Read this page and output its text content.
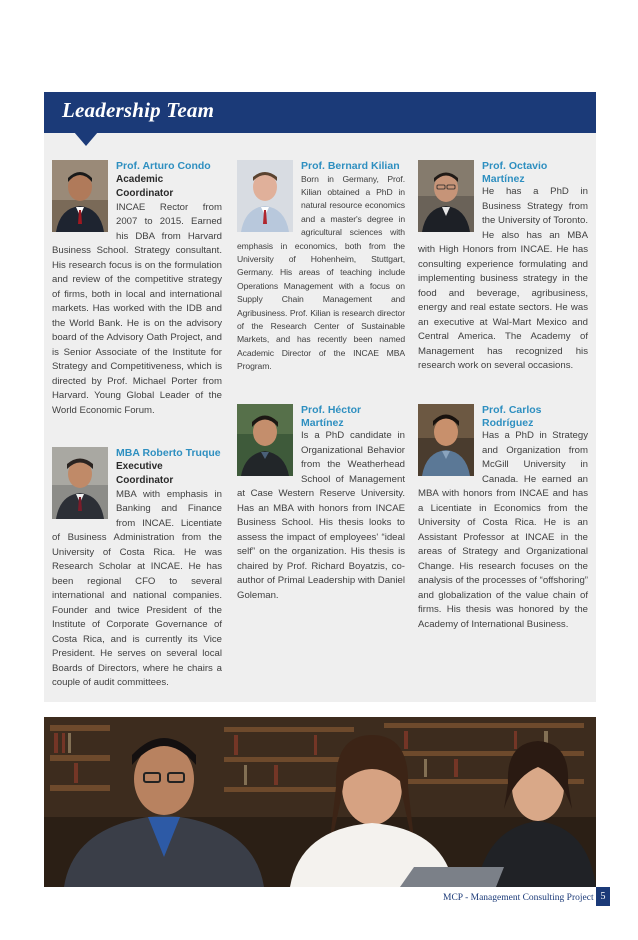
Leadership Team
Prof. Arturo Condo
Academic Coordinator
INCAE Rector from 2007 to 2015. Earned his DBA from Harvard Business School. Strategy consultant. His research focus is on the formulation and review of the competitive strategy of firms, both in local and international markets. Has worked with the IDB and the World Bank. He is on the advisory board of the Advisory Oath Project, and is Senior Associate of the Institute for Strategy and Competitiveness, which is directed by Prof. Michael Porter from Harvard. Young Global Leader of the World Economic Forum.
MBA Roberto Truque
Executive Coordinator
MBA with emphasis in Banking and Finance from INCAE. Licentiate of Business Administration from the University of Costa Rica. He was Research Scholar at INCAE. He has been regional CFO to several international and national companies. Founder and twice President of the Institute of Corporate Governance of Costa Rica, and is currently its Vice President. He serves on several local Boards of Directors, where he chairs a couple of audit committees.
Prof. Bernard Kilian
Born in Germany, Prof. Kilian obtained a PhD in natural resource economics and a master's degree in agricultural sciences with emphasis in economics, both from the University of Hohenheim, Stuttgart, Germany. His areas of teaching include Operations Management with a focus on Supply Chain Management and Agribusiness. Prof. Kilian is research director of the Research Center of Sustainable Markets, and has recently been named Academic Director of the INCAE MBA Program.
Prof. Héctor Martínez
Is a PhD candidate in Organizational Behavior from the Weatherhead School of Management at Case Western Reserve University. Has an MBA with honors from INCAE Business School. His thesis looks to assess the impact of employees' “ideal self” on the organization. His thesis is chaired by Prof. Richard Boyatzis, co-author of Primal Leadership with Daniel Goleman.
Prof. Octavio Martínez
He has a PhD in Business Strategy from the University of Toronto. He also has an MBA with High Honors from INCAE. He has consulting experience formulating and implementing business strategy in the food and beverage, agribusiness, energy and real estate sectors. He was an executive at Wal-Mart Mexico and Central America. The Academy of Management has recognized his research work on several occasions.
Prof. Carlos Rodríguez
Has a PhD in Strategy and Organization from McGill University in Canada. He earned an MBA with honors from INCAE and has a Licentiate in Economics from the University of Costa Rica. He is an Assistant Professor at INCAE in the areas of Strategy and Organizational Change. His research focuses on the analysis of the processes of “offshoring” and globalization of the value chain of firms. His thesis was honored by the Academy of International Business.
MCP - Management Consulting Project 5
